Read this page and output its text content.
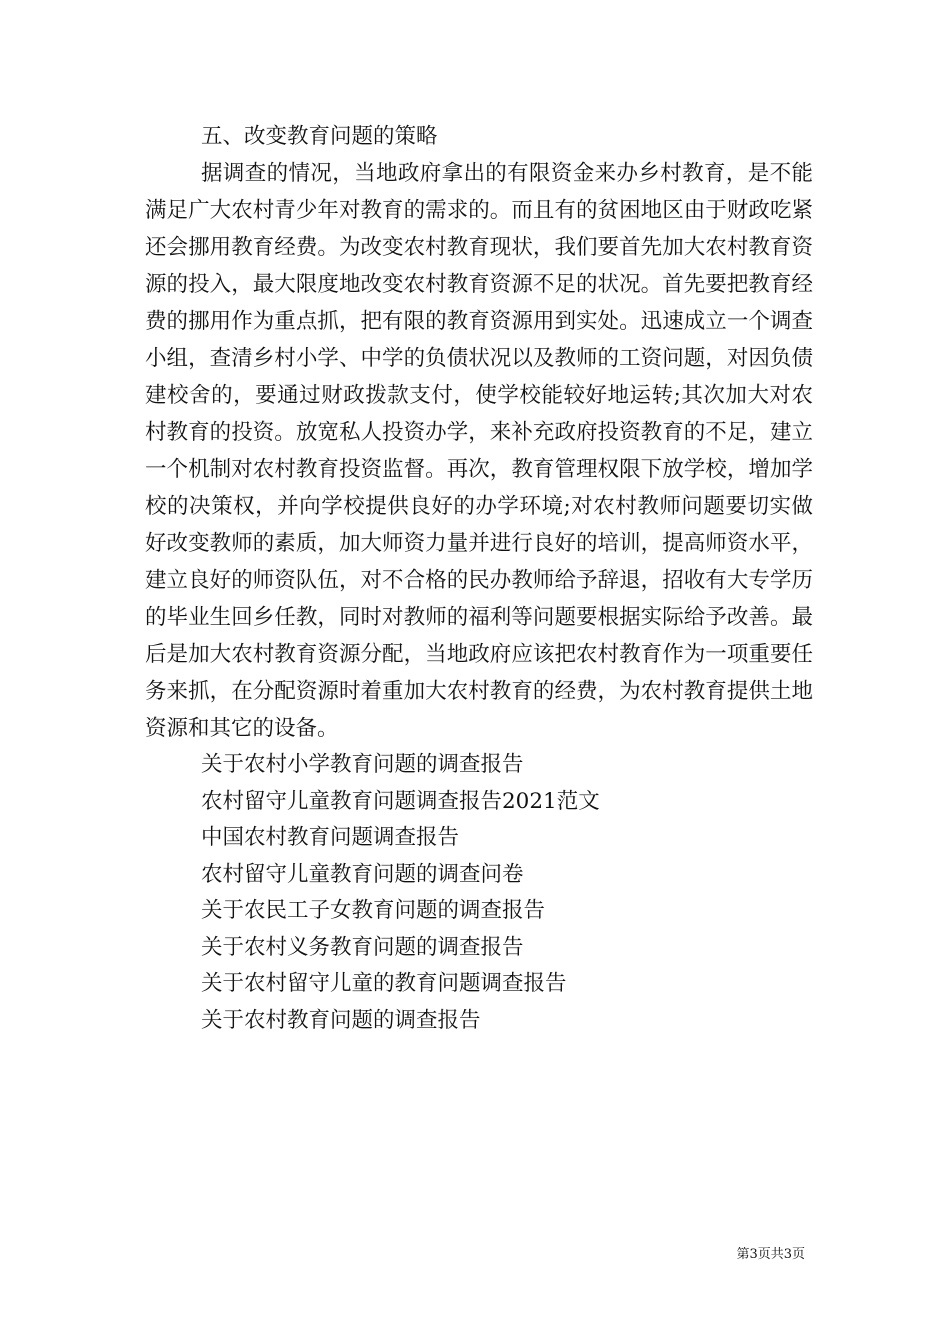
五、改变教育问题的策略

据调查的情况，当地政府拿出的有限资金来办乡村教育，是不能满足广大农村青少年对教育的需求的。而且有的贫困地区由于财政吃紧还会挪用教育经费。为改变农村教育现状，我们要首先加大农村教育资源的投入，最大限度地改变农村教育资源不足的状况。首先要把教育经费的挪用作为重点抓，把有限的教育资源用到实处。迅速成立一个调查小组，查清乡村小学、中学的负债状况以及教师的工资问题，对因负债建校舍的，要通过财政拨款支付，使学校能较好地运转;其次加大对农村教育的投资。放宽私人投资办学，来补充政府投资教育的不足，建立一个机制对农村教育投资监督。再次，教育管理权限下放学校，增加学校的决策权，并向学校提供良好的办学环境;对农村教师问题要切实做好改变教师的素质，加大师资力量并进行良好的培训，提高师资水平，建立良好的师资队伍，对不合格的民办教师给予辞退，招收有大专学历的毕业生回乡任教，同时对教师的福利等问题要根据实际给予改善。最后是加大农村教育资源分配，当地政府应该把农村教育作为一项重要任务来抓，在分配资源时着重加大农村教育的经费，为农村教育提供土地资源和其它的设备。

关于农村小学教育问题的调查报告
农村留守儿童教育问题调查报告2021范文
中国农村教育问题调查报告
农村留守儿童教育问题的调查问卷
关于农民工子女教育问题的调查报告
关于农村义务教育问题的调查报告
关于农村留守儿童的教育问题调查报告
关于农村教育问题的调查报告
第3页共3页
